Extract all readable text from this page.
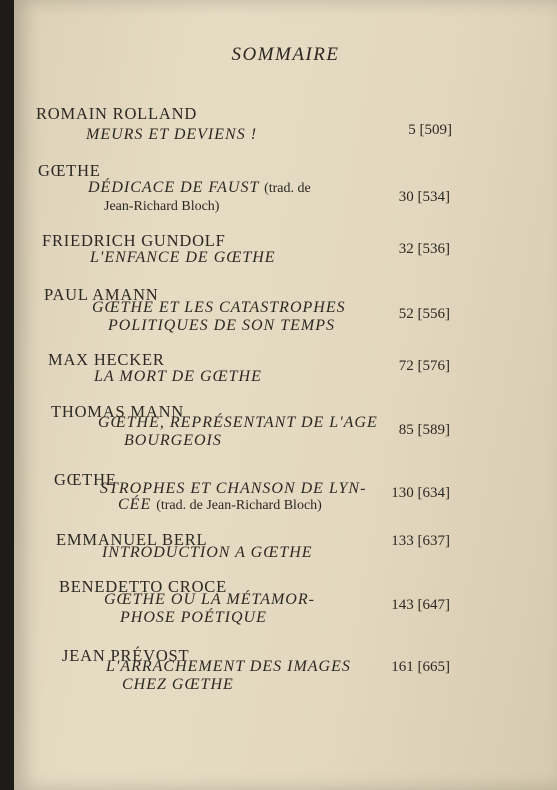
SOMMAIRE
ROMAIN ROLLAND
MEURS ET DEVIENS !	5 [509]
GŒTHE
DÉDICACE DE FAUST (trad. de
Jean-Richard Bloch)
30 [534]
FRIEDRICH GUNDOLF
L'ENFANCE DE GŒTHE	32 [536]
PAUL AMANN
GŒTHE ET LES CATASTROPHES
POLITIQUES DE SON TEMPS
52 [556]
MAX HECKER
LA MORT DE GŒTHE
72 [576]
THOMAS MANN
GŒTHE, REPRÉSENTANT DE L'AGE
BOURGEOIS
85 [589]
GŒTHE
STROPHES ET CHANSON DE LYN-
CÉE (trad. de Jean-Richard Bloch)
130 [634]
EMMANUEL BERL
INTRODUCTION A GŒTHE
133 [637]
BENEDETTO CROCE
GŒTHE OU LA MÉTAMOR-
PHOSE POÉTIQUE
143 [647]
JEAN PRÉVOST
L'ARRACHEMENT DES IMAGES
CHEZ GŒTHE
161 [665]
